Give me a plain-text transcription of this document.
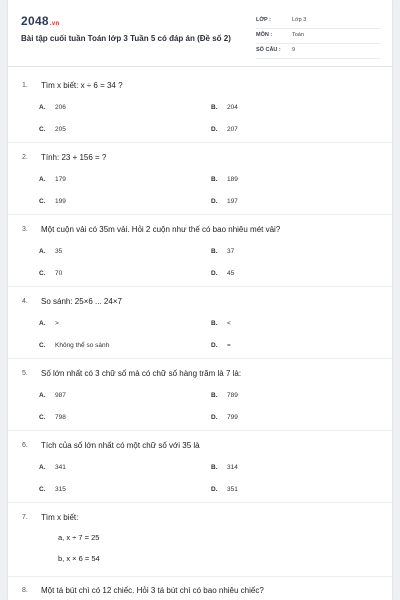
2048.vn
Bài tập cuối tuần Toán lớp 3 Tuần 5 có đáp án (Đề số 2)
LỚP :	Lớp 3
MÔN :	Toán
SỐ CÂU : 9
1. Tìm x biết: x ÷ 6 = 34 ?
A. 206	B. 204
C. 205	D. 207
2. Tính: 23 + 156 = ?
A. 179	B. 189
C. 199	D. 197
3. Một cuộn vải có 35m vải. Hỏi 2 cuộn như thế có bao nhiêu mét vải?
A. 35	B. 37
C. 70	D. 45
4. So sánh: 25×6 ... 24×7
A. >	B. <
C. Không thể so sánh	D. =
5. Số lớn nhất có 3 chữ số mà có chữ số hàng trăm là 7 là:
A. 987	B. 789
C. 798	D. 799
6. Tích của số lớn nhất có một chữ số với 35 là
A. 341	B. 314
C. 315	D. 351
7. Tìm x biết:
a, x ÷ 7 = 25
b, x × 6 = 54
8. Một tá bút chì có 12 chiếc. Hỏi 3 tá bút chì có bao nhiêu chiếc?
